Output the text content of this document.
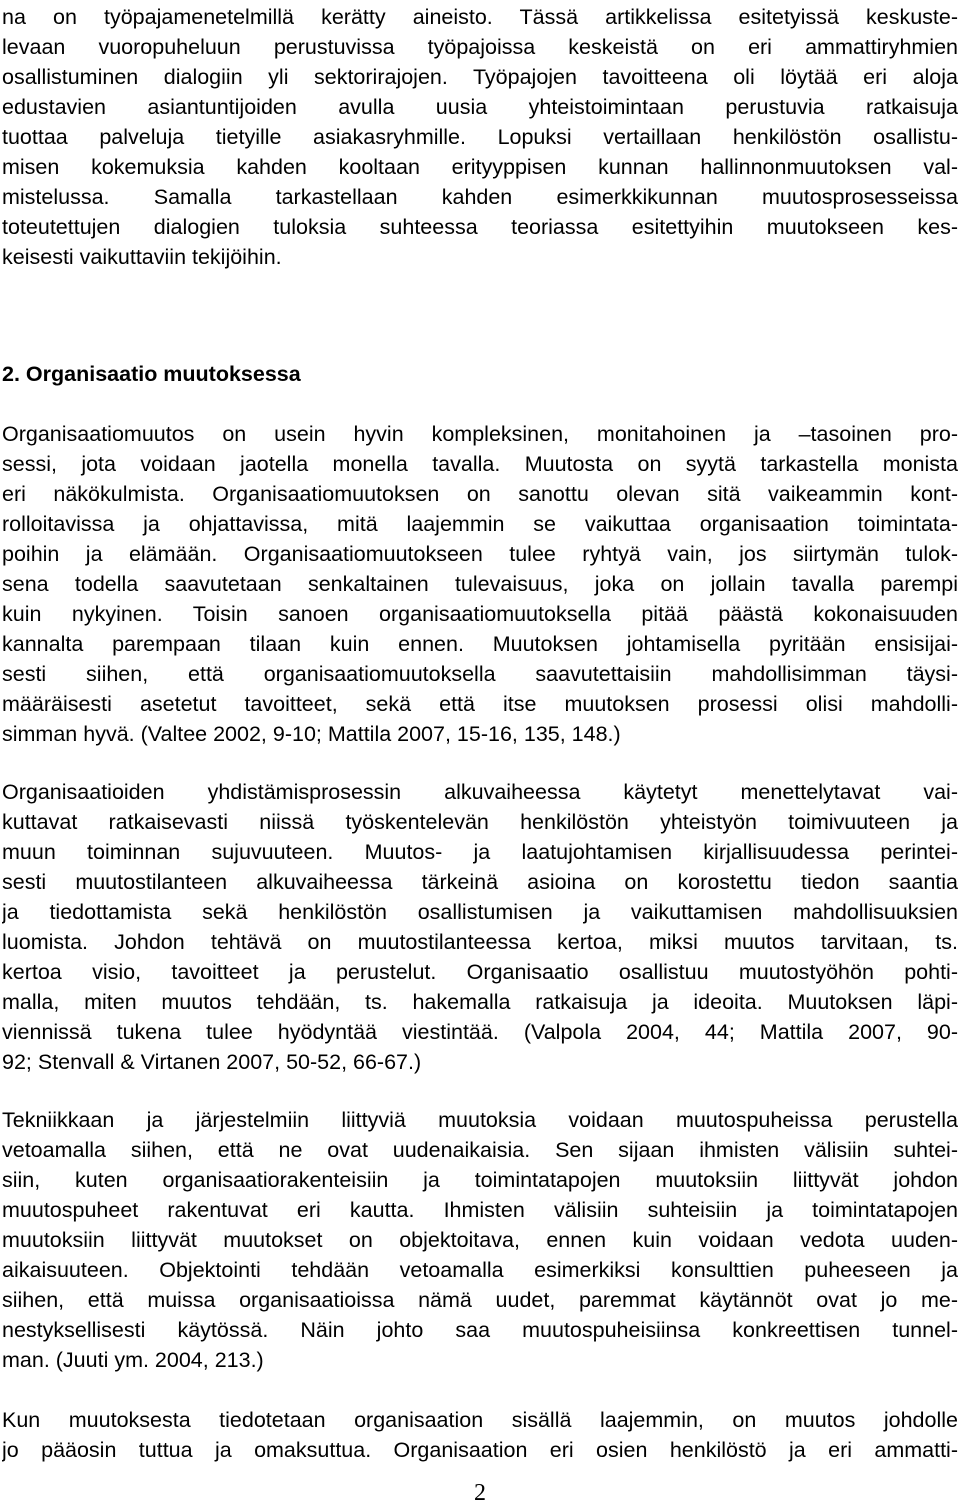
na on työpajamenetelmillä kerätty aineisto. Tässä artikkelissa esitetyissä keskuste-
levaan vuoropuheluun perustuvissa työpajoissa keskeistä on eri ammattiryhmien
osallistuminen dialogiin yli sektorirajojen. Työpajojen tavoitteena oli löytää eri aloja
edustavien asiantuntijoiden avulla uusia yhteistoimintaan perustuvia ratkaisuja
tuottaa palveluja tietyille asiakasryhmille. Lopuksi vertaillaan henkilöstön osallistu-
misen kokemuksia kahden kooltaan erityyppisen kunnan hallinnonmuutoksen val-
mistelussa. Samalla tarkastellaan kahden esimerkkikunnan muutosprosesseissa
toteutettujen dialogien tuloksia suhteessa teoriassa esitettyihin muutokseen kes-
keisesti vaikuttaviin tekijöihin.
2. Organisaatio muutoksessa
Organisaatiomuutos on usein hyvin kompleksinen, monitahoinen ja –tasoinen pro-
sessi, jota voidaan jaotella monella tavalla. Muutosta on syytä tarkastella monista
eri näkökulmista. Organisaatiomuutoksen on sanottu olevan sitä vaikeammin kont-
rolloitavissa ja ohjattavissa, mitä laajemmin se vaikuttaa organisaation toimintata-
poihin ja elämään. Organisaatiomuutokseen tulee ryhtyä vain, jos siirtymän tulok-
sena todella saavutetaan senkaltainen tulevaisuus, joka on jollain tavalla parempi
kuin nykyinen. Toisin sanoen organisaatiomuutoksella pitää päästä kokonaisuuden
kannalta parempaan tilaan kuin ennen. Muutoksen johtamisella pyritään ensisijai-
sesti siihen, että organisaatiomuutoksella saavutettaisiin mahdollisimman täysi-
määräisesti asetetut tavoitteet, sekä että itse muutoksen prosessi olisi mahdolli-
simman hyvä. (Valtee 2002, 9-10; Mattila 2007, 15-16, 135, 148.)
Organisaatioiden yhdistämisprosessin alkuvaiheessa käytetyt menettelytavat vai-
kuttavat ratkaisevasti niissä työskentelevän henkilöstön yhteistyön toimivuuteen ja
muun toiminnan sujuvuuteen. Muutos- ja laatujohtamisen kirjallisuudessa perintei-
sesti muutostilanteen alkuvaiheessa tärkeinä asioina on korostettu tiedon saantia
ja tiedottamista sekä henkilöstön osallistumisen ja vaikuttamisen mahdollisuuksien
luomista. Johdon tehtävä on muutostilanteessa kertoa, miksi muutos tarvitaan, ts.
kertoa visio, tavoitteet ja perustelut. Organisaatio osallistuu muutostyöhön pohti-
malla, miten muutos tehdään, ts. hakemalla ratkaisuja ja ideoita. Muutoksen läpi-
viennissä tukena tulee hyödyntää viestintää. (Valpola 2004, 44; Mattila 2007, 90-
92; Stenvall & Virtanen 2007, 50-52, 66-67.)
Tekniikkaan ja järjestelmiin liittyviä muutoksia voidaan muutospuheissa perustella
vetoamalla siihen, että ne ovat uudenaikaisia. Sen sijaan ihmisten välisiin suhtei-
siin, kuten organisaatiorakenteisiin ja toimintatapojen muutoksiin liittyvät johdon
muutospuheet rakentuvat eri kautta. Ihmisten välisiin suhteisiin ja toimintatapojen
muutoksiin liittyvät muutokset on objektoitava, ennen kuin voidaan vedota uuden-
aikaisuuteen. Objektointi tehdään vetoamalla esimerkiksi konsulttien puheeseen ja
siihen, että muissa organisaatioissa nämä uudet, paremmat käytännöt ovat jo me-
nestyksellisesti käytössä. Näin johto saa muutospuheisiinsa konkreettisen tunnel-
man. (Juuti ym. 2004, 213.)
Kun muutoksesta tiedotetaan organisaation sisällä laajemmin, on muutos johdolle
jo pääosin tuttua ja omaksuttua. Organisaation eri osien henkilöstö ja eri ammatti-
2
